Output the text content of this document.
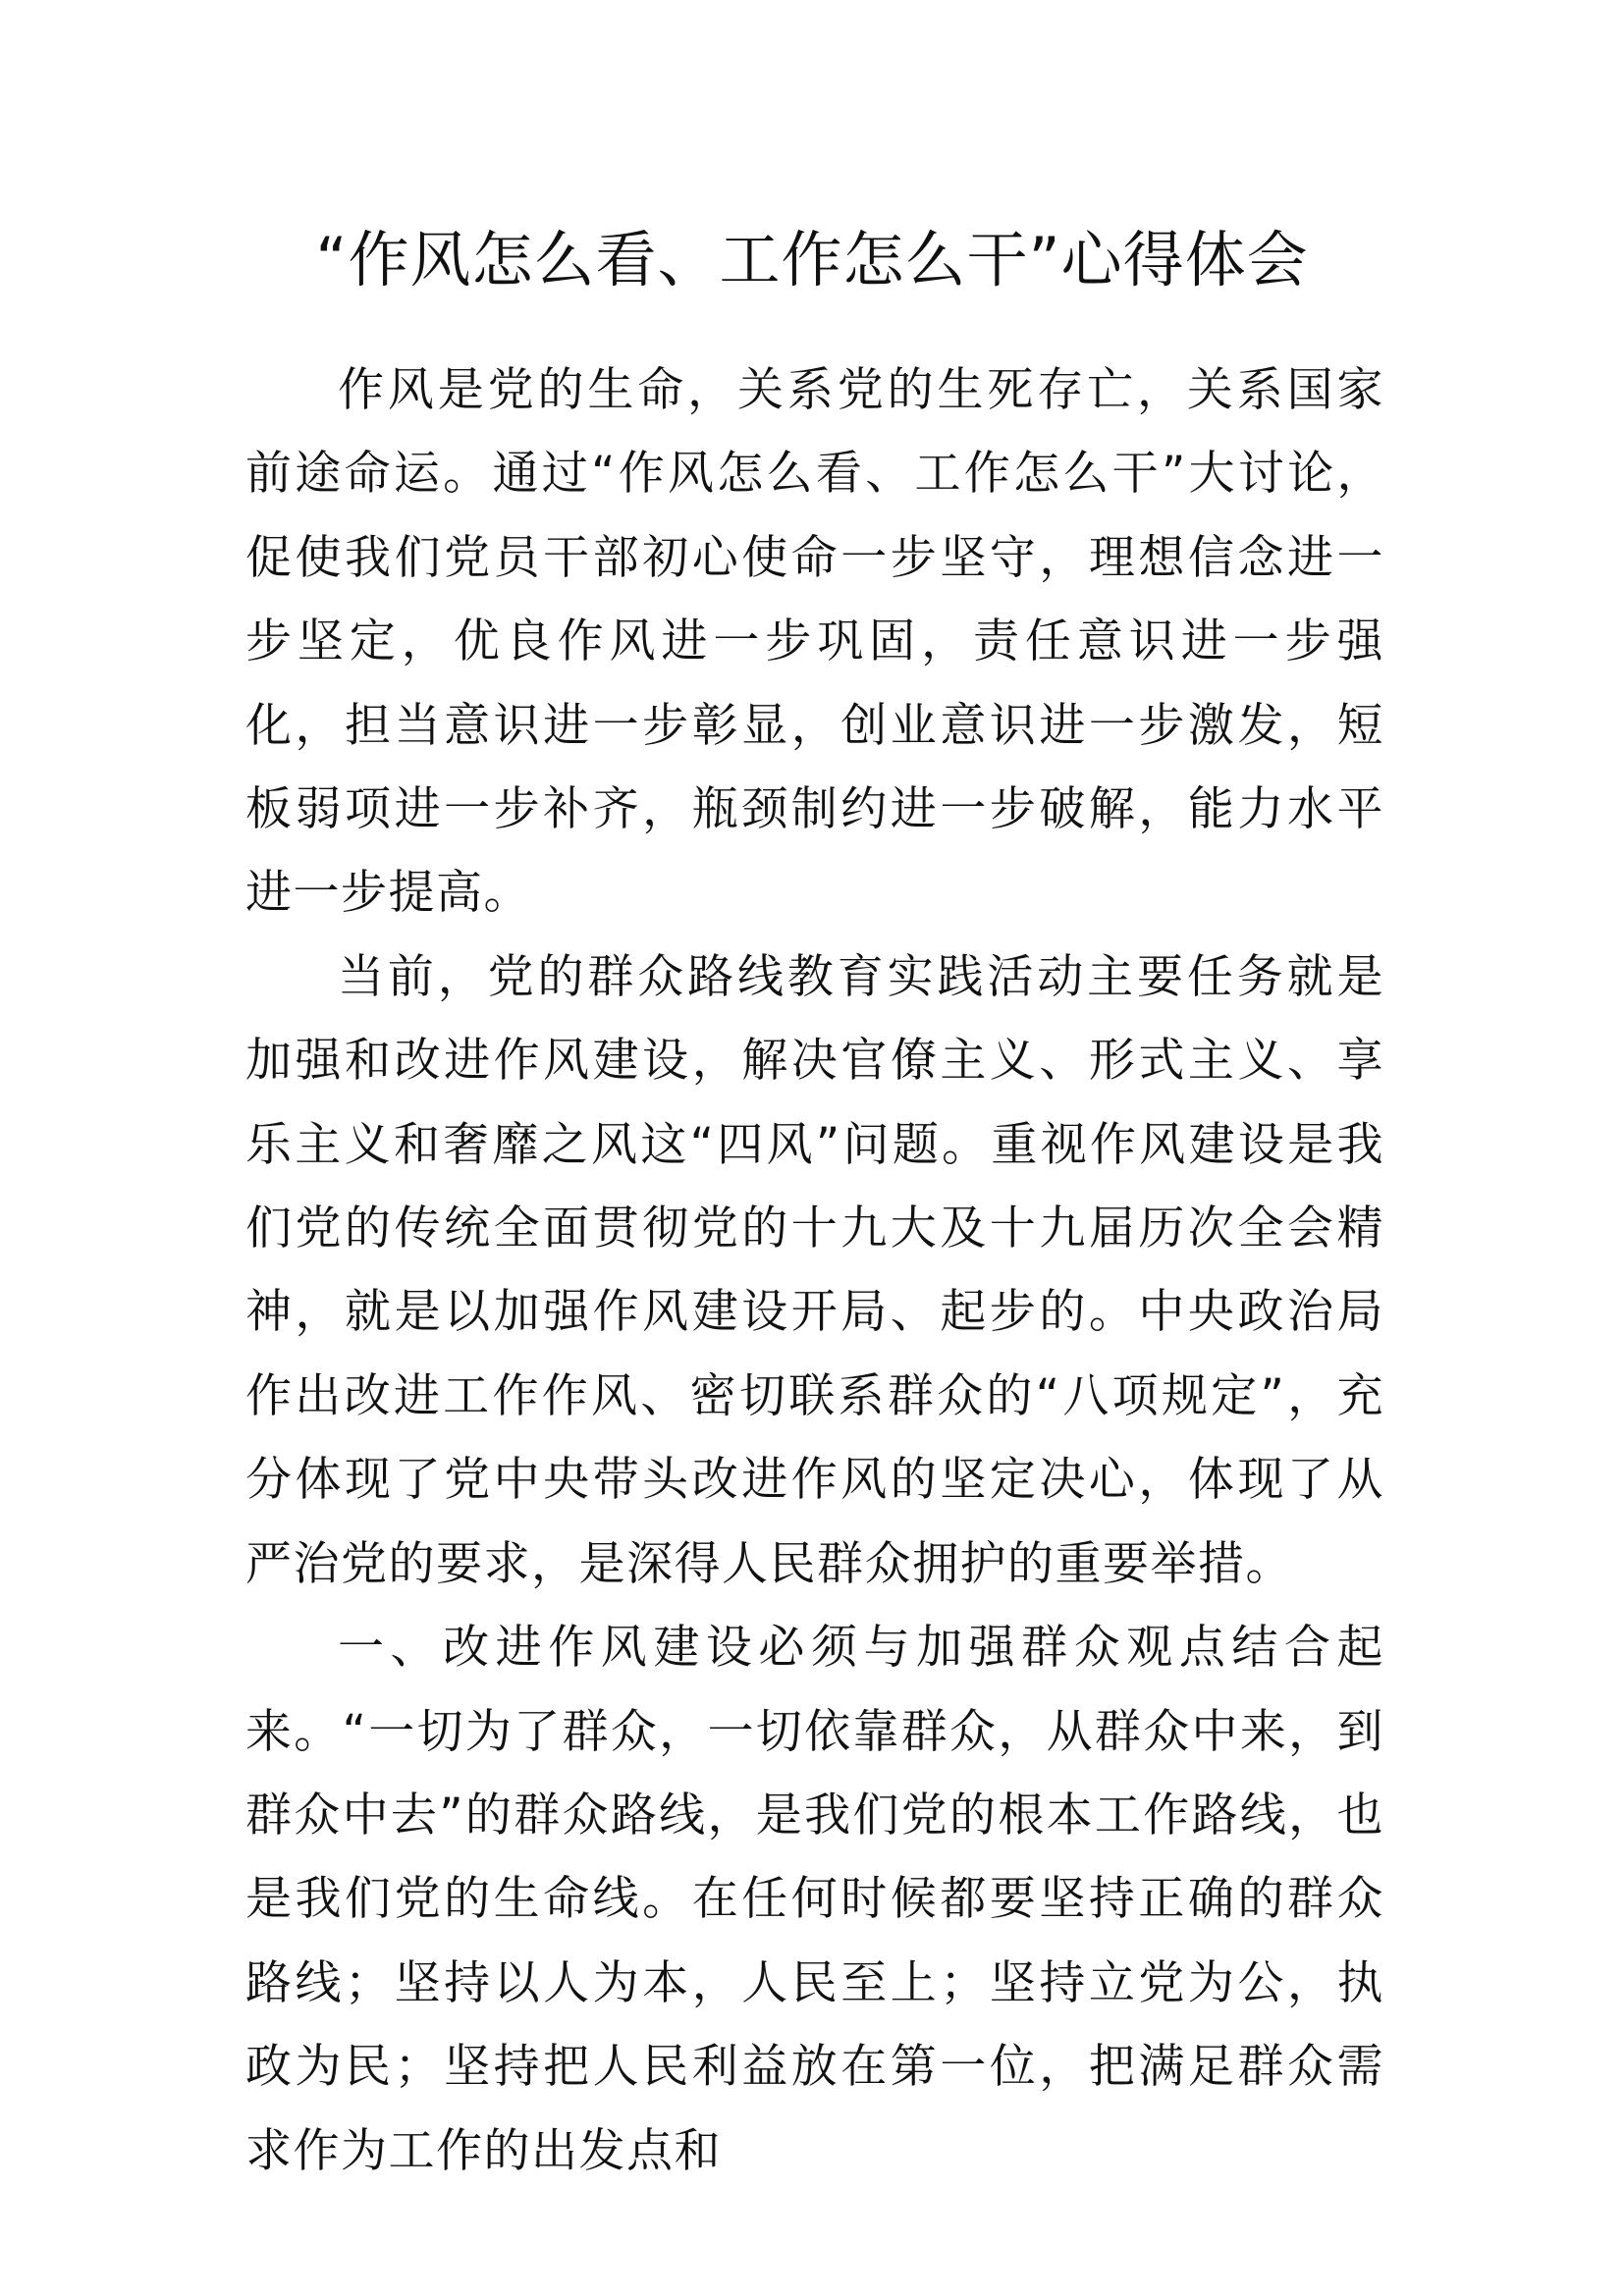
“作风怎么看、工作怎么干”心得体会

作风是党的生命，关系党的生死存亡，关系国家前途命运。通过“作风怎么看、工作怎么干”大讨论，促使我们党员干部初心使命一步坚守，理想信念进一步坚定，优良作风进一步巩固，责任意识进一步强化，担当意识进一步彰显，创业意识进一步激发，短板弱项进一步补齐，瓶颈制约进一步破解，能力水平进一步提高。

当前，党的群众路线教育实践活动主要任务就是加强和改进作风建设，解决官僚主义、形式主义、享乐主义和奢靡之风这“四风”问题。重视作风建设是我们党的传统全面贯彻党的十九大及十九届历次全会精神，就是以加强作风建设开局、起步的。中央政治局作出改进工作作风、密切联系群众的“八项规定”，充分体现了党中央带头改进作风的坚定决心，体现了从严治党的要求，是深得人民群众拥护的重要举措。

一、改进作风建设必须与加强群众观点结合起来。“一切为了群众，一切依靠群众，从群众中来，到群众中去”的群众路线，是我们党的根本工作路线，也是我们党的生命线。在任何时候都要坚持正确的群众路线；坚持以人为本，人民至上；坚持立党为公，执政为民；坚持把人民利益放在第一位，把满足群众需求作为工作的出发点和
